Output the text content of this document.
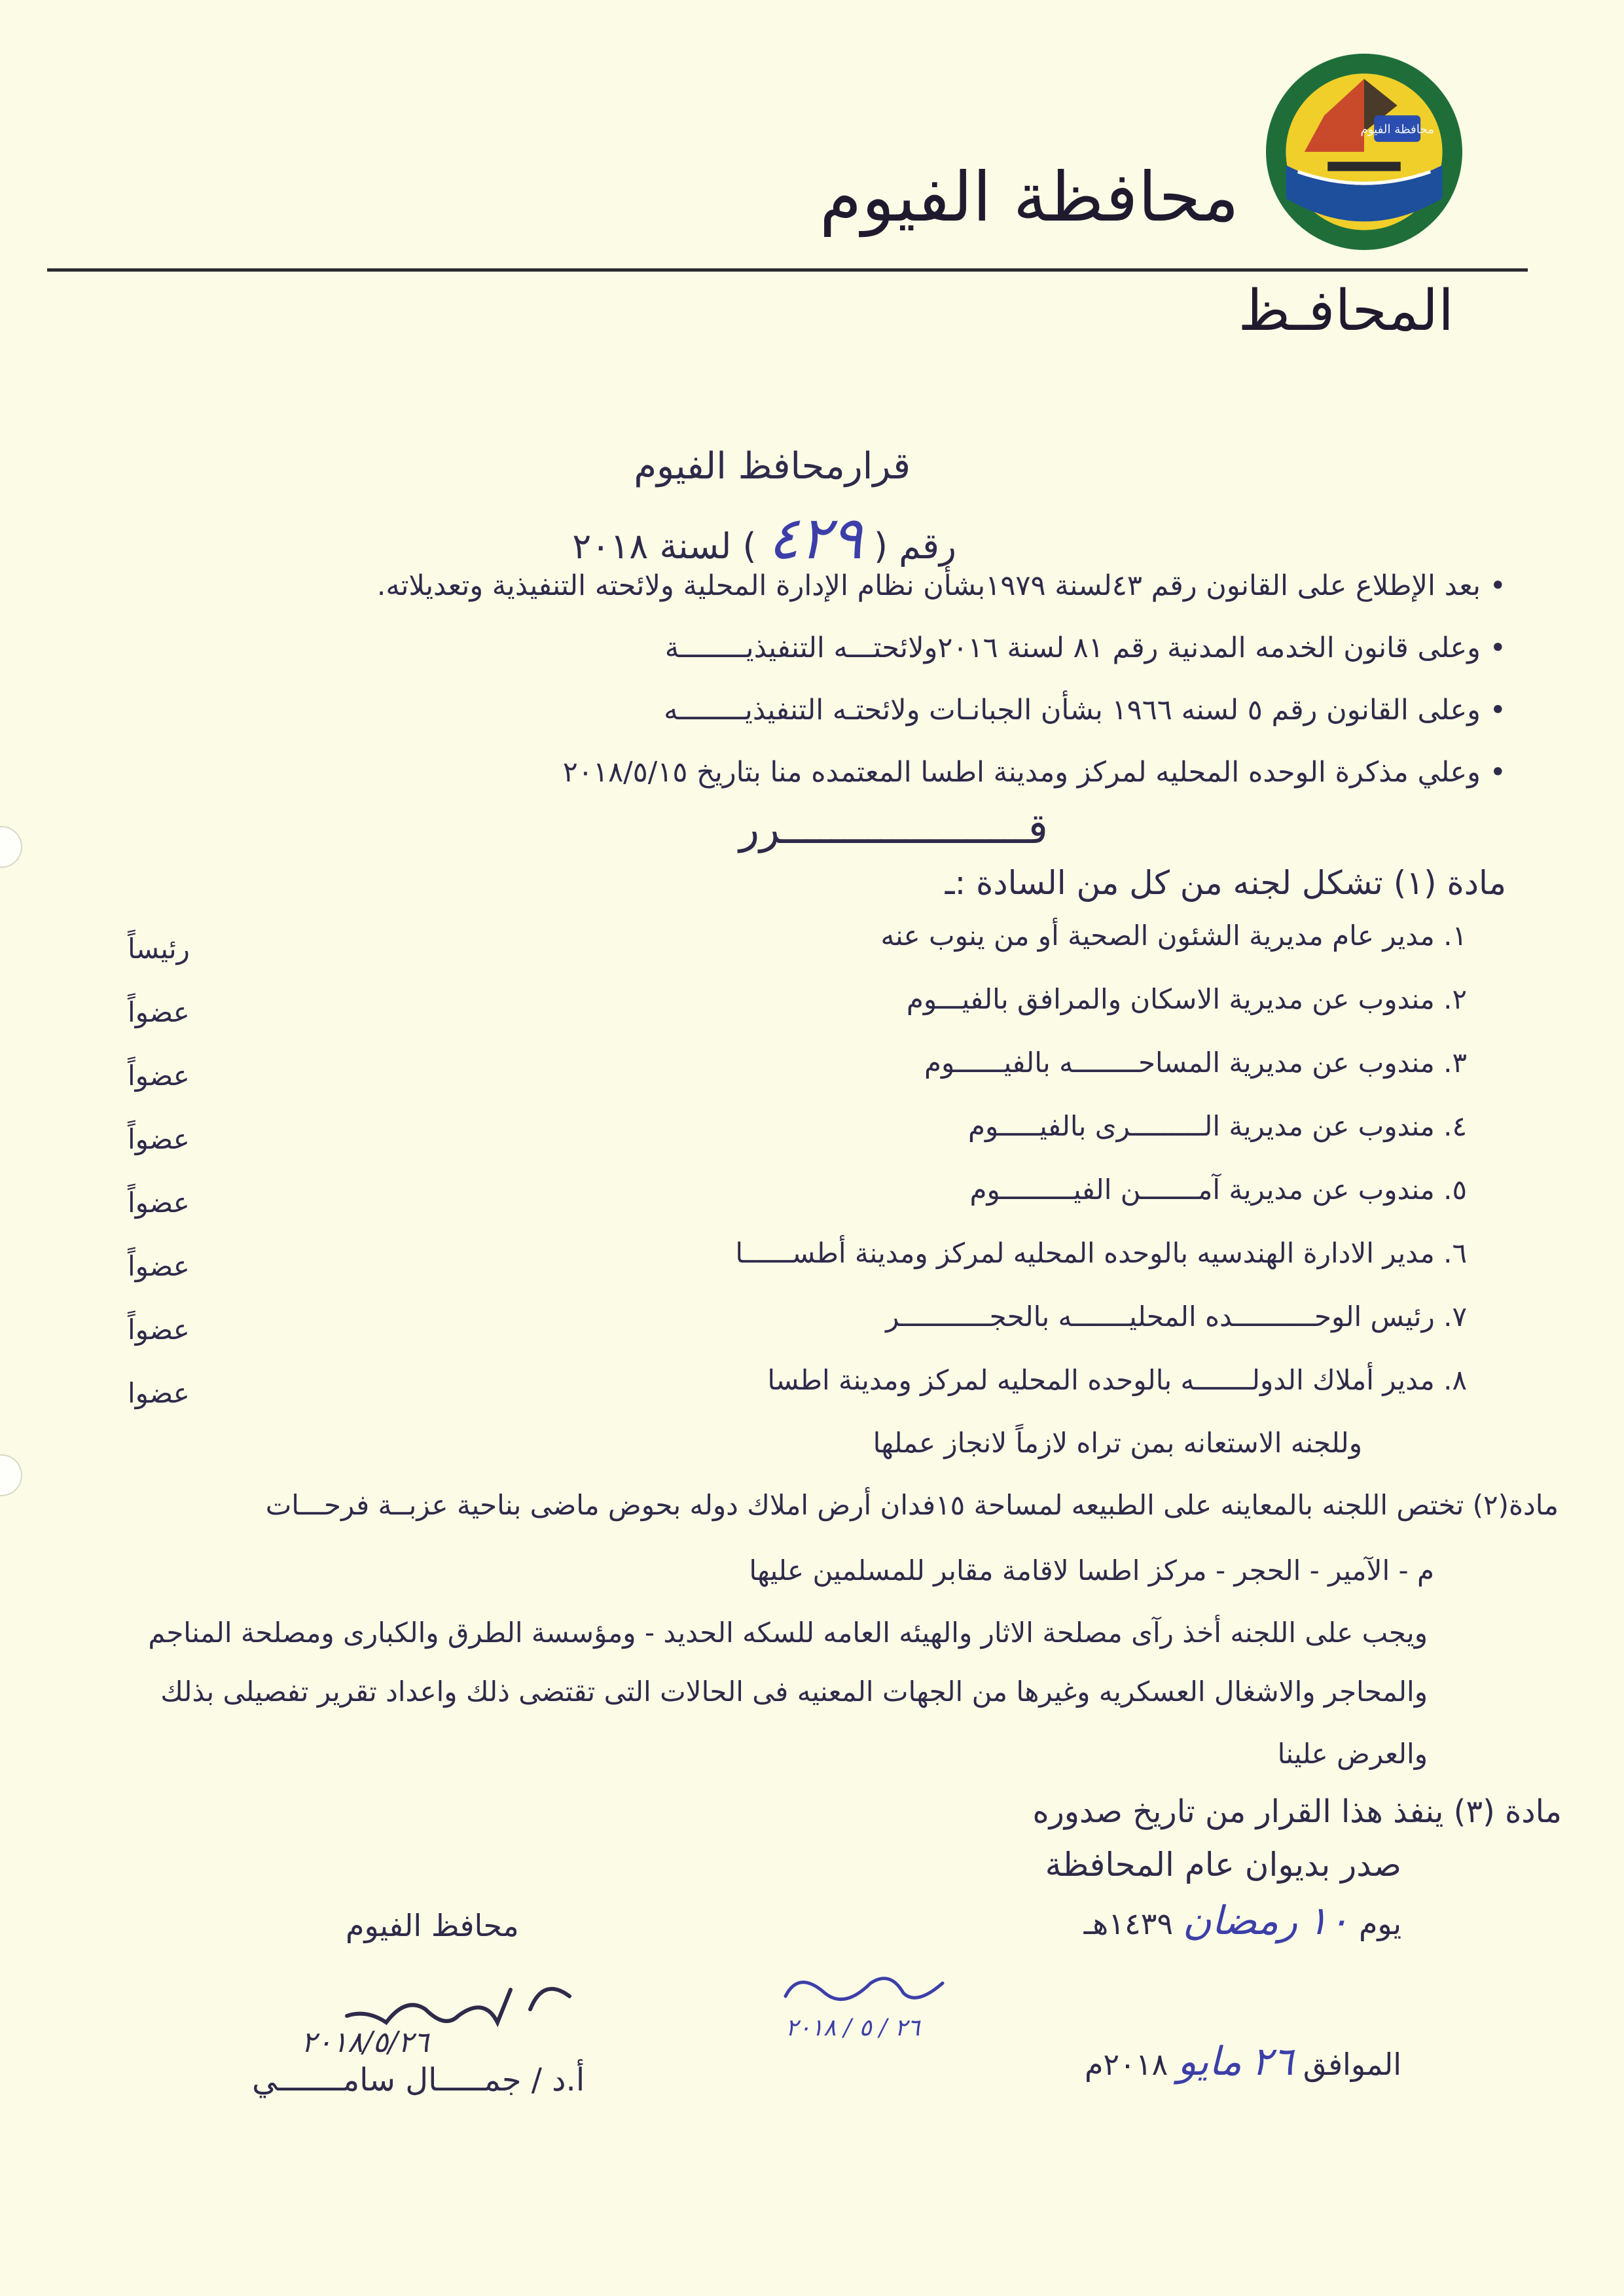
محافظة الفيوم
محافظة الفيوم
المحافـظ
قرارمحافظ الفيوم
رقم ( ٤٢٩ ) لسنة ٢٠١٨
• بعد الإطلاع على القانون رقم ٤٣لسنة ١٩٧٩بشأن نظام الإدارة المحلية ولائحته التنفيذية وتعديلاته.
• وعلى قانون الخدمه المدنية رقم ٨١ لسنة ٢٠١٦ولائحتـــه التنفيذيــــــــة
• وعلى القانون رقم ٥ لسنه ١٩٦٦ بشأن الجبانـات ولائحتـه التنفيذيــــــــه
• وعلي مذكرة الوحده المحليه لمركز ومدينة اطسا المعتمده منا بتاريخ ٢٠١٨/٥/١٥
قــــــــــــــــــــرر
مادة (١) تشكل لجنه من كل من السادة :ـ
١. مدير عام مديرية الشئون الصحية أو من ينوب عنه
رئيساً
٢. مندوب عن مديرية الاسكان والمرافق بالفيـــوم
عضواً
٣. مندوب عن مديرية المساحــــــــه بالفيــــــوم
عضواً
٤. مندوب عن مديرية الـــــــــرى بالفيـــــوم
عضواً
٥. مندوب عن مديرية آمـــــــن الفيـــــــــوم
عضواً
٦. مدير الادارة الهندسيه بالوحده المحليه لمركز ومدينة أطســــــا
عضواً
٧. رئيس الوحــــــــــده المحليـــــــه بالحجـــــــــــر
عضواً
٨. مدير أملاك الدولـــــــه بالوحده المحليه لمركز ومدينة اطسا
عضوا
وللجنه الاستعانه بمن تراه لازماً لانجاز عملها
مادة(٢) تختص اللجنه بالمعاينه على الطبيعه لمساحة ١٥فدان أرض املاك دوله بحوض ماضى بناحية عزبــة فرحـــات
م - الآمير - الحجر - مركز اطسا لاقامة مقابر للمسلمين عليها
ويجب على اللجنه أخذ رآى مصلحة الاثار والهيئه العامه للسكه الحديد - ومؤسسة الطرق والكبارى ومصلحة المناجم
والمحاجر والاشغال العسكريه وغيرها من الجهات المعنيه فى الحالات التى تقتضى ذلك واعداد تقرير تفصيلى بذلك
والعرض علينا
مادة (٣) ينفذ هذا القرار من تاريخ صدوره
صدر بديوان عام المحافظة
يوم ١٠ رمضان ١٤٣٩هـ
الموافق ٢٦ مايو ٢٠١٨م
محافظ الفيوم
٢٠١٨/٥/٢٦	٢٦ / ٥ / ٢٠١٨
أ.د / جمـــــال سامـــــــي
